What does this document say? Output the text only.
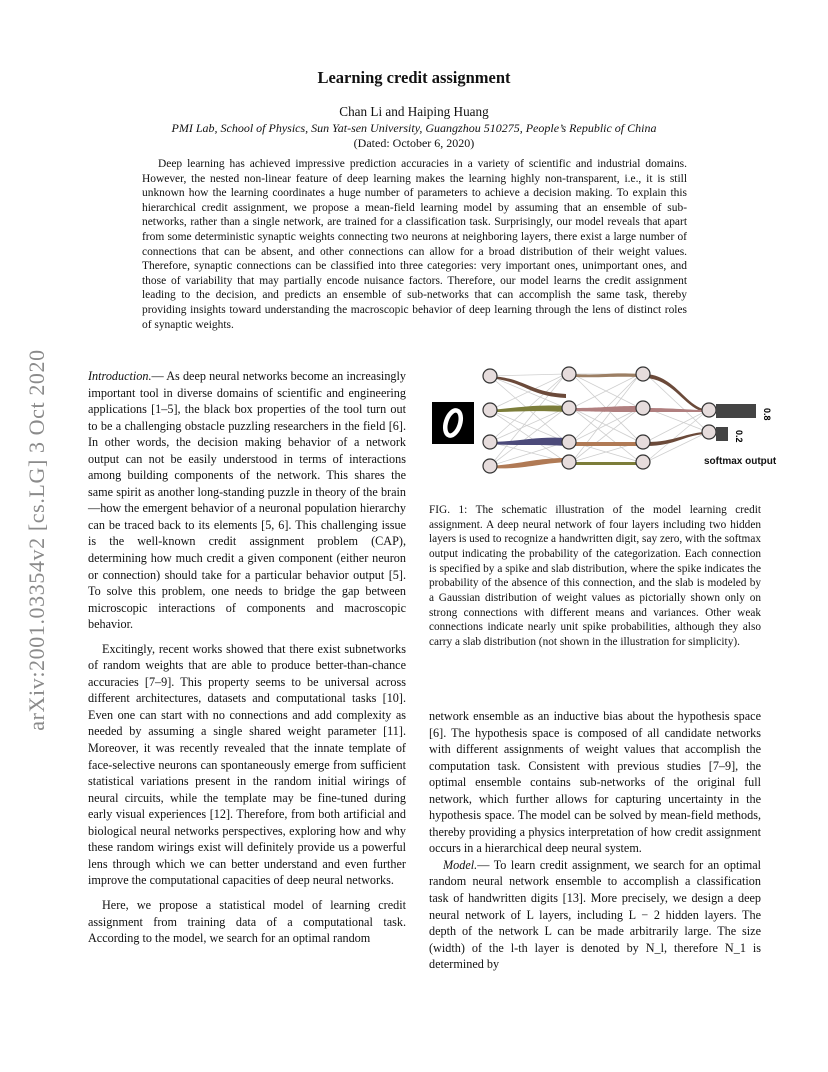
Learning credit assignment
Chan Li and Haiping Huang
PMI Lab, School of Physics, Sun Yat-sen University, Guangzhou 510275, People’s Republic of China
(Dated: October 6, 2020)
Deep learning has achieved impressive prediction accuracies in a variety of scientific and industrial domains. However, the nested non-linear feature of deep learning makes the learning highly non-transparent, i.e., it is still unknown how the learning coordinates a huge number of parameters to achieve a decision making. To explain this hierarchical credit assignment, we propose a mean-field learning model by assuming that an ensemble of sub-networks, rather than a single network, are trained for a classification task. Surprisingly, our model reveals that apart from some deterministic synaptic weights connecting two neurons at neighboring layers, there exist a large number of connections that can be absent, and other connections can allow for a broad distribution of their weight values. Therefore, synaptic connections can be classified into three categories: very important ones, unimportant ones, and those of variability that may partially encode nuisance factors. Therefore, our model learns the credit assignment leading to the decision, and predicts an ensemble of sub-networks that can accomplish the same task, thereby providing insights toward understanding the macroscopic behavior of deep learning through the lens of distinct roles of synaptic weights.
arXiv:2001.03354v2 [cs.LG] 3 Oct 2020	Introduction.— As deep neural networks become an increasingly important tool in diverse domains of scientific and engineering applications [1–5], the black box properties of the tool turn out to be a challenging obstacle puzzling researchers in the field [6]. In other words, the decision making behavior of a network output can not be easily understood in terms of interactions among building components of the network. This shares the same spirit as another long-standing puzzle in theory of the brain—how the emergent behavior of a neuronal population hierarchy can be traced back to its elements [5, 6]. This challenging issue is the well-known credit assignment problem (CAP), determining how much credit a given component (either neuron or connection) should take for a particular behavior output [5]. To solve this problem, one needs to bridge the gap between microscopic interactions of components and macroscopic behavior.

Excitingly, recent works showed that there exist subnetworks of random weights that are able to produce better-than-chance accuracies [7–9]. This property seems to be universal across different architectures, datasets and computational tasks [10]. Even one can start with no connections and add complexity as needed by assuming a single shared weight parameter [11]. Moreover, it was recently revealed that the innate template of face-selective neurons can spontaneously emerge from sufficient statistical variations present in the random initial wirings of neural circuits, while the template may be fine-tuned during early visual experiences [12]. Therefore, from both artificial and biological neural networks perspectives, exploring how and why these random wirings exist will definitely provide us a powerful lens through which we can better understand and even further improve the computational capacities of deep neural networks.

Here, we propose a statistical model of learning credit assignment from training data of a computational task. According to the model, we search for an optimal random

0.8
0.2
softmax output
FIG. 1: The schematic illustration of the model learning credit assignment. A deep neural network of four layers including two hidden layers is used to recognize a handwritten digit, say zero, with the softmax output indicating the probability of the categorization. Each connection is specified by a spike and slab distribution, where the spike indicates the probability of the absence of this connection, and the slab is modeled by a Gaussian distribution of weight values as pictorially shown only on strong connections with different means and variances. Other weak connections indicate nearly unit spike probabilities, although they also carry a slab distribution (not shown in the illustration for simplicity).

network ensemble as an inductive bias about the hypothesis space [6]. The hypothesis space is composed of all candidate networks with different assignments of weight values that accomplish the computation task. Consistent with previous studies [7–9], the optimal ensemble contains sub-networks of the original full network, which further allows for capturing uncertainty in the hypothesis space. The model can be solved by mean-field methods, thereby providing a physics interpretation of how credit assignment occurs in a hierarchical deep neural system.

Model.— To learn credit assignment, we search for an optimal random neural network ensemble to accomplish a classification task of handwritten digits [13]. More precisely, we design a deep neural network of L layers, including L − 2 hidden layers. The depth of the network L can be made arbitrarily large. The size (width) of the l-th layer is denoted by N_l, therefore N_1 is determined by
